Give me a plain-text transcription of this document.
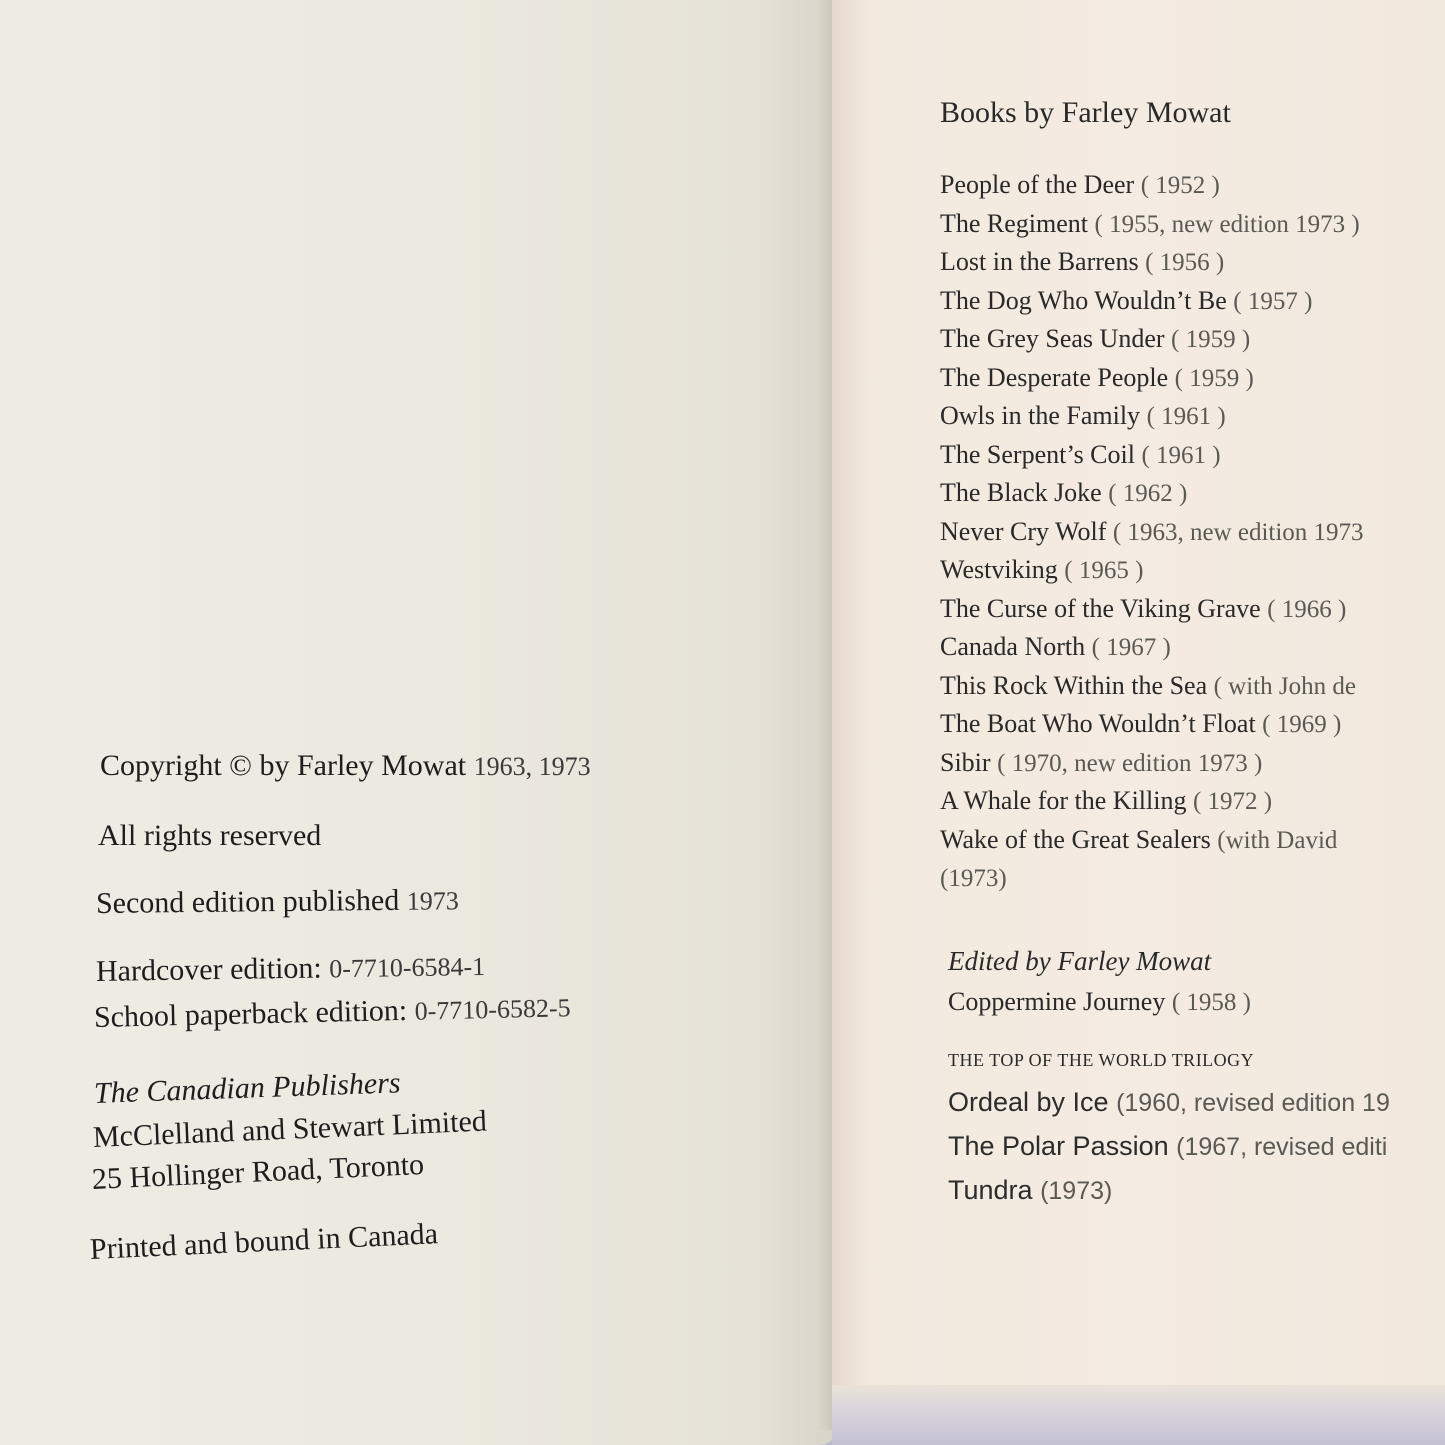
Copyright © by Farley Mowat 1963, 1973
All rights reserved
Second edition published 1973
Hardcover edition: 0-7710-6584-1
School paperback edition: 0-7710-6582-5
The Canadian Publishers
McClelland and Stewart Limited
25 Hollinger Road, Toronto
Printed and bound in Canada
Books by Farley Mowat
People of the Deer ( 1952 )
The Regiment ( 1955, new edition 1973 )
Lost in the Barrens ( 1956 )
The Dog Who Wouldn’t Be ( 1957 )
The Grey Seas Under ( 1959 )
The Desperate People ( 1959 )
Owls in the Family ( 1961 )
The Serpent’s Coil ( 1961 )
The Black Joke ( 1962 )
Never Cry Wolf ( 1963, new edition 1973
Westviking ( 1965 )
The Curse of the Viking Grave ( 1966 )
Canada North ( 1967 )
This Rock Within the Sea ( with John de
The Boat Who Wouldn’t Float ( 1969 )
Sibir ( 1970, new edition 1973 )
A Whale for the Killing ( 1972 )
Wake of the Great Sealers (with David
(1973)
Edited by Farley Mowat
Coppermine Journey ( 1958 )
THE TOP OF THE WORLD TRILOGY
Ordeal by Ice (1960, revised edition 19
The Polar Passion (1967, revised editi
Tundra (1973)
